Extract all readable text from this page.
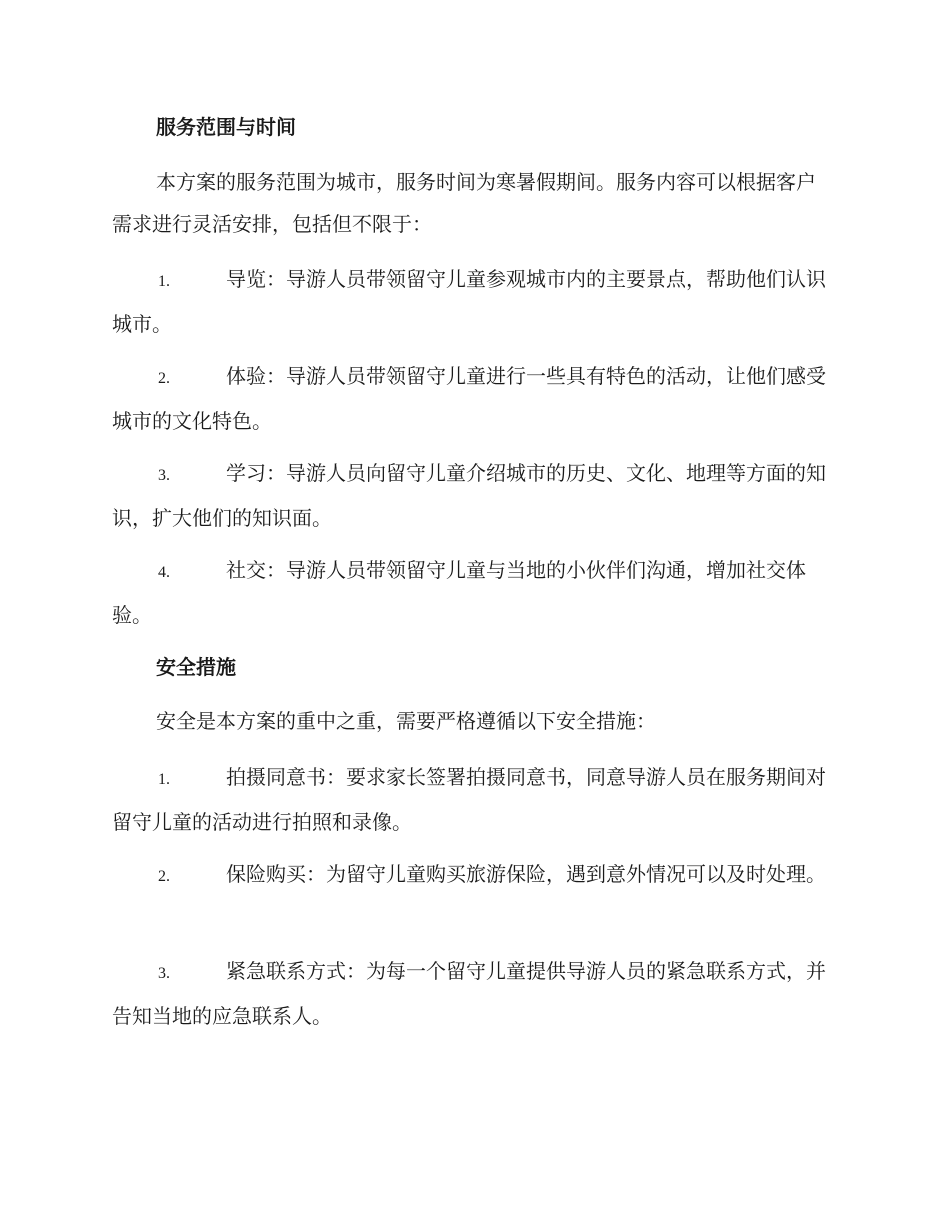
服务范围与时间

本方案的服务范围为城市，服务时间为寒暑假期间。服务内容可以根据客户需求进行灵活安排，包括但不限于：

1.	导览：导游人员带领留守儿童参观城市内的主要景点，帮助他们认识城市。

2.	体验：导游人员带领留守儿童进行一些具有特色的活动，让他们感受城市的文化特色。

3.	学习：导游人员向留守儿童介绍城市的历史、文化、地理等方面的知识，扩大他们的知识面。

4.	社交：导游人员带领留守儿童与当地的小伙伴们沟通，增加社交体验。

安全措施

安全是本方案的重中之重，需要严格遵循以下安全措施：

1.	拍摄同意书：要求家长签署拍摄同意书，同意导游人员在服务期间对留守儿童的活动进行拍照和录像。

2.	保险购买：为留守儿童购买旅游保险，遇到意外情况可以及时处理。

3.	紧急联系方式：为每一个留守儿童提供导游人员的紧急联系方式，并告知当地的应急联系人。
